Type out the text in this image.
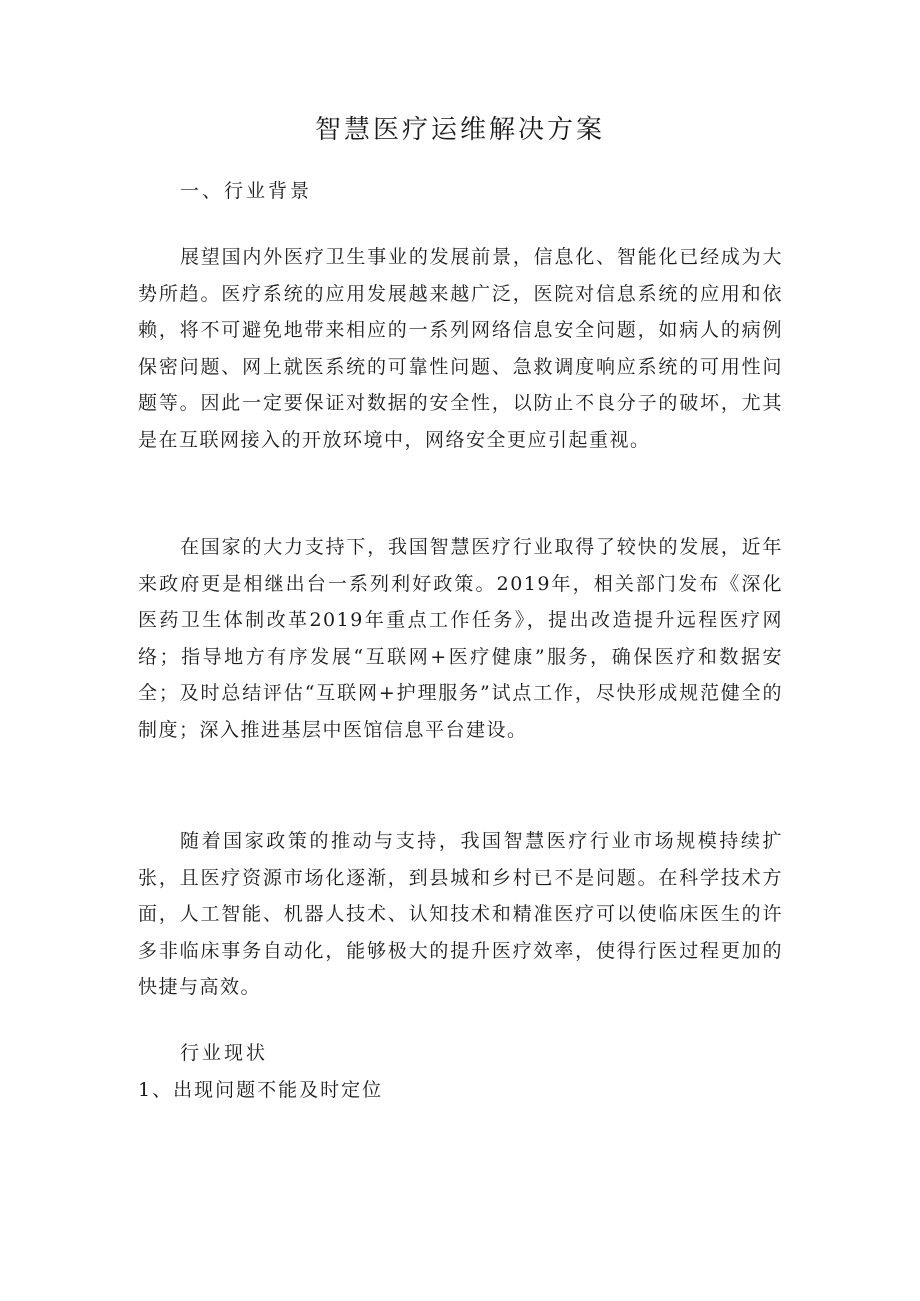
智慧医疗运维解决方案
一、行业背景

展望国内外医疗卫生事业的发展前景，信息化、智能化已经成为大势所趋。医疗系统的应用发展越来越广泛，医院对信息系统的应用和依赖，将不可避免地带来相应的一系列网络信息安全问题，如病人的病例保密问题、网上就医系统的可靠性问题、急救调度响应系统的可用性问题等。因此一定要保证对数据的安全性，以防止不良分子的破坏，尤其是在互联网接入的开放环境中，网络安全更应引起重视。

在国家的大力支持下，我国智慧医疗行业取得了较快的发展，近年来政府更是相继出台一系列利好政策。2019年，相关部门发布《深化医药卫生体制改革2019年重点工作任务》，提出改造提升远程医疗网络；指导地方有序发展“互联网+医疗健康”服务，确保医疗和数据安全；及时总结评估“互联网+护理服务”试点工作，尽快形成规范健全的制度；深入推进基层中医馆信息平台建设。

随着国家政策的推动与支持，我国智慧医疗行业市场规模持续扩张，且医疗资源市场化逐渐，到县城和乡村已不是问题。在科学技术方面，人工智能、机器人技术、认知技术和精准医疗可以使临床医生的许多非临床事务自动化，能够极大的提升医疗效率，使得行医过程更加的快捷与高效。

行业现状
1、出现问题不能及时定位
